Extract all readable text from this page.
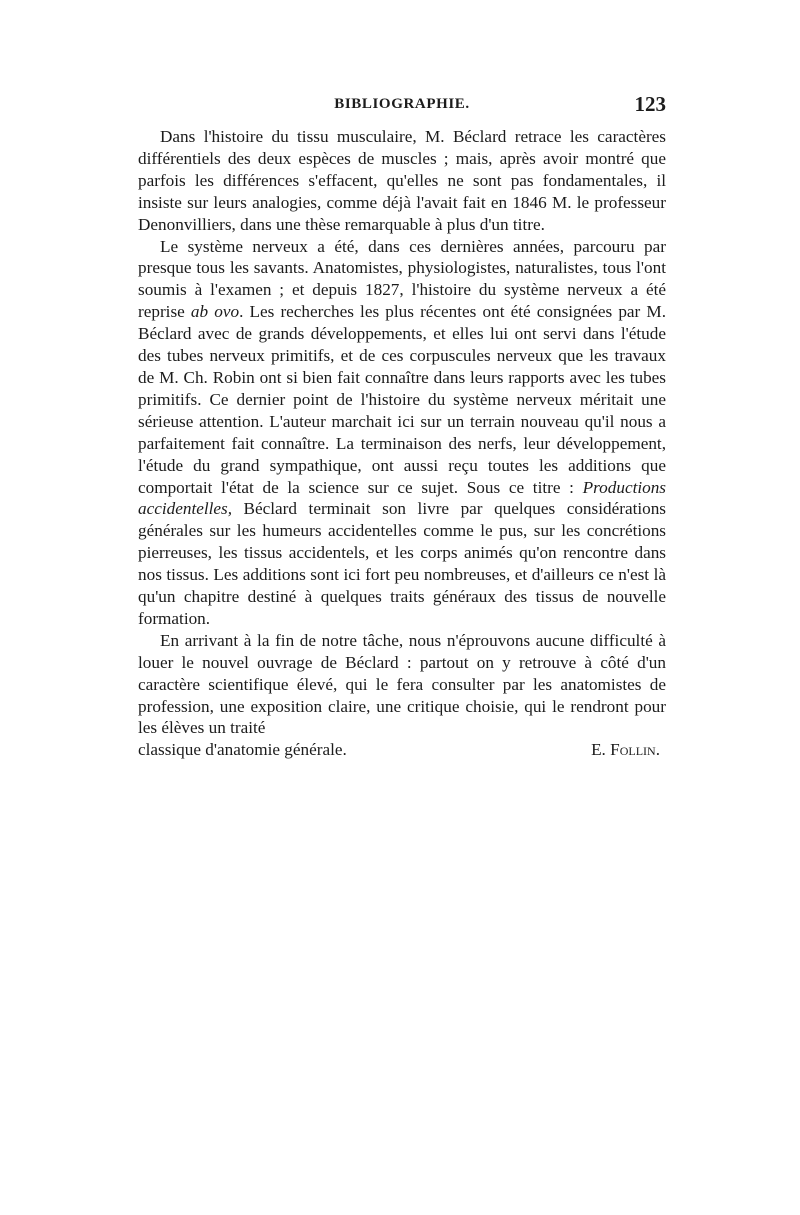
BIBLIOGRAPHIE.	123

Dans l'histoire du tissu musculaire, M. Béclard retrace les caractères différentiels des deux espèces de muscles ; mais, après avoir montré que parfois les différences s'effacent, qu'elles ne sont pas fondamentales, il insiste sur leurs analogies, comme déjà l'avait fait en 1846 M. le professeur Denonvilliers, dans une thèse remarquable à plus d'un titre.

Le système nerveux a été, dans ces dernières années, parcouru par presque tous les savants. Anatomistes, physiologistes, naturalistes, tous l'ont soumis à l'examen ; et depuis 1827, l'histoire du système nerveux a été reprise ab ovo. Les recherches les plus récentes ont été consignées par M. Béclard avec de grands développements, et elles lui ont servi dans l'étude des tubes nerveux primitifs, et de ces corpuscules nerveux que les travaux de M. Ch. Robin ont si bien fait connaître dans leurs rapports avec les tubes primitifs. Ce dernier point de l'histoire du système nerveux méritait une sérieuse attention. L'auteur marchait ici sur un terrain nouveau qu'il nous a parfaitement fait connaître. La terminaison des nerfs, leur développement, l'étude du grand sympathique, ont aussi reçu toutes les additions que comportait l'état de la science sur ce sujet. Sous ce titre : Productions accidentelles, Béclard terminait son livre par quelques considérations générales sur les humeurs accidentelles comme le pus, sur les concrétions pierreuses, les tissus accidentels, et les corps animés qu'on rencontre dans nos tissus. Les additions sont ici fort peu nombreuses, et d'ailleurs ce n'est là qu'un chapitre destiné à quelques traits généraux des tissus de nouvelle formation.

En arrivant à la fin de notre tâche, nous n'éprouvons aucune difficulté à louer le nouvel ouvrage de Béclard : partout on y retrouve à côté d'un caractère scientifique élevé, qui le fera consulter par les anatomistes de profession, une exposition claire, une critique choisie, qui le rendront pour les élèves un traité

classique d'anatomie générale.	E. Follin.
